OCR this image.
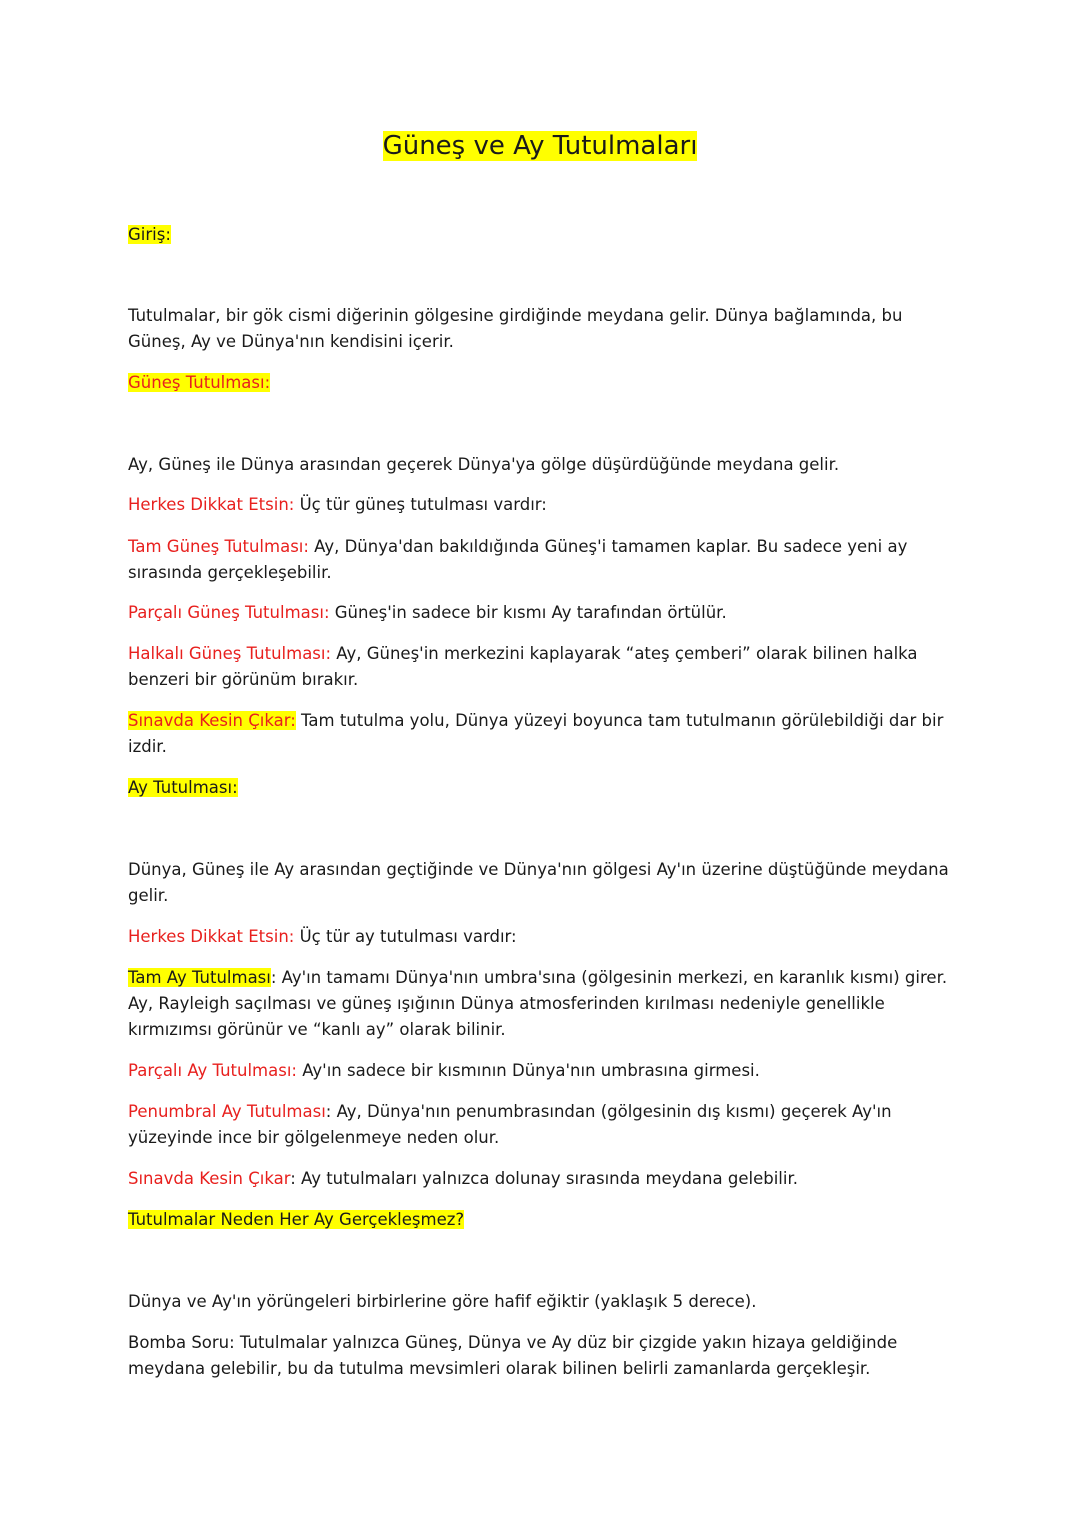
Güneş ve Ay Tutulmaları

Giriş:

Tutulmalar, bir gök cismi diğerinin gölgesine girdiğinde meydana gelir. Dünya bağlamında, bu Güneş, Ay ve Dünya'nın kendisini içerir.

Güneş Tutulması:

Ay, Güneş ile Dünya arasından geçerek Dünya'ya gölge düşürdüğünde meydana gelir.

Herkes Dikkat Etsin: Üç tür güneş tutulması vardır:

Tam Güneş Tutulması: Ay, Dünya'dan bakıldığında Güneş'i tamamen kaplar. Bu sadece yeni ay sırasında gerçekleşebilir.

Parçalı Güneş Tutulması: Güneş'in sadece bir kısmı Ay tarafından örtülür.

Halkalı Güneş Tutulması: Ay, Güneş'in merkezini kaplayarak “ateş çemberi” olarak bilinen halka benzeri bir görünüm bırakır.

Sınavda Kesin Çıkar: Tam tutulma yolu, Dünya yüzeyi boyunca tam tutulmanın görülebildiği dar bir izdir.

Ay Tutulması:

Dünya, Güneş ile Ay arasından geçtiğinde ve Dünya'nın gölgesi Ay'ın üzerine düştüğünde meydana gelir.

Herkes Dikkat Etsin: Üç tür ay tutulması vardır:

Tam Ay Tutulması: Ay'ın tamamı Dünya'nın umbra'sına (gölgesinin merkezi, en karanlık kısmı) girer. Ay, Rayleigh saçılması ve güneş ışığının Dünya atmosferinden kırılması nedeniyle genellikle kırmızımsı görünür ve “kanlı ay” olarak bilinir.

Parçalı Ay Tutulması: Ay'ın sadece bir kısmının Dünya'nın umbrasına girmesi.

Penumbral Ay Tutulması: Ay, Dünya'nın penumbrasından (gölgesinin dış kısmı) geçerek Ay'ın yüzeyinde ince bir gölgelenmeye neden olur.

Sınavda Kesin Çıkar: Ay tutulmaları yalnızca dolunay sırasında meydana gelebilir.

Tutulmalar Neden Her Ay Gerçekleşmez?

Dünya ve Ay'ın yörüngeleri birbirlerine göre hafif eğiktir (yaklaşık 5 derece).

Bomba Soru: Tutulmalar yalnızca Güneş, Dünya ve Ay düz bir çizgide yakın hizaya geldiğinde meydana gelebilir, bu da tutulma mevsimleri olarak bilinen belirli zamanlarda gerçekleşir.
